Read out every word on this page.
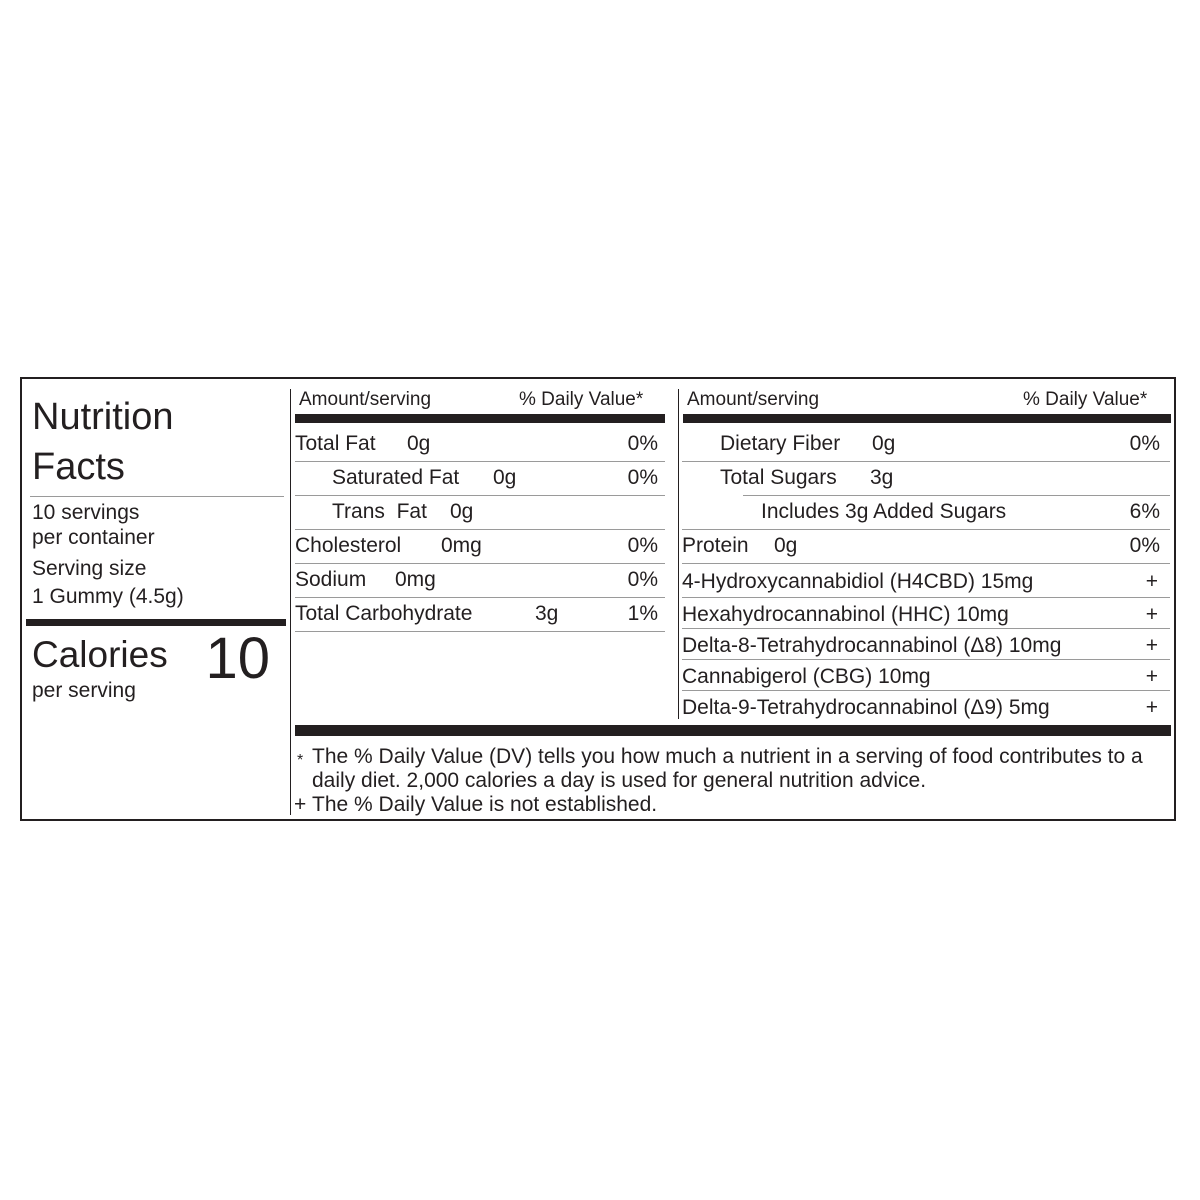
Nutrition
Facts
10 servings
per container
Serving size
1 Gummy (4.5g)
Calories
per serving 10
Amount/serving	% Daily Value*
Total Fat 0g	0%
Saturated Fat 0g	0%
Trans  Fat 0g
Cholesterol 0mg	0%
Sodium 0mg	0%
Total Carbohydrate	3g	1%
Amount/serving	% Daily Value*
Dietary Fiber 0g	0%
Total Sugars 3g
Includes 3g Added Sugars	6%
Protein 0g	0%
4-Hydroxycannabidiol (H4CBD) 15mg	+
Hexahydrocannabinol (HHC) 10mg	+
Delta-8-Tetrahydrocannabinol (Δ8) 10mg	+
Cannabigerol (CBG) 10mg	+
Delta-9-Tetrahydrocannabinol (Δ9) 5mg	+
* The % Daily Value (DV) tells you how much a nutrient in a serving of food contributes to a
daily diet. 2,000 calories a day is used for general nutrition advice.
+ The % Daily Value is not established.
